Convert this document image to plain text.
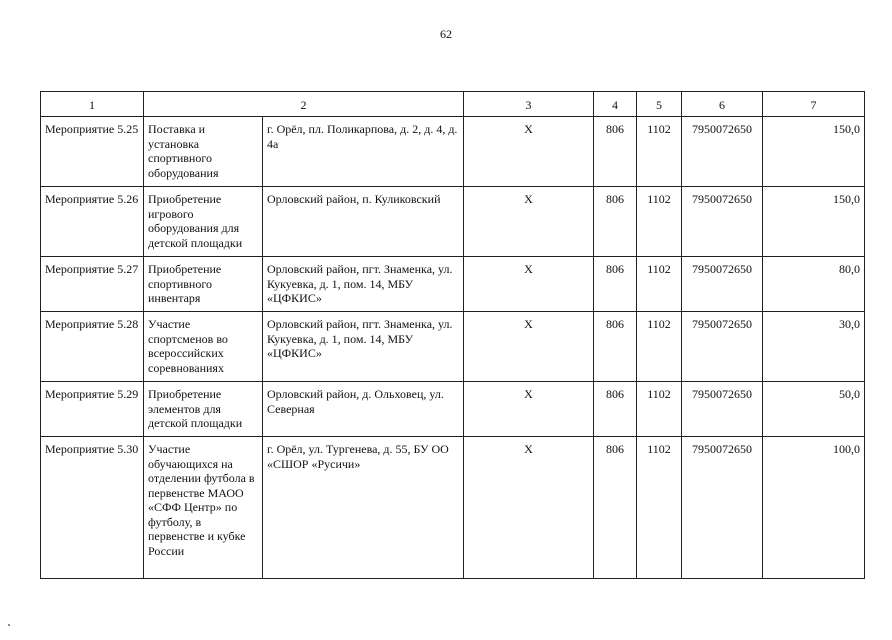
62
1	2		3	4	5	6	7
Мероприятие 5.25	Поставка и установка спортивного оборудования	г. Орёл, пл. Поликарпова, д. 2, д. 4, д. 4а	Х	806	1102	7950072650	150,0
Мероприятие 5.26	Приобретение игрового оборудования для детской площадки	Орловский район, п. Куликовский	Х	806	1102	7950072650	150,0
Мероприятие 5.27	Приобретение спортивного инвентаря	Орловский район, пгт. Знаменка, ул. Кукуевка, д. 1, пом. 14, МБУ «ЦФКИС»	Х	806	1102	7950072650	80,0
Мероприятие 5.28	Участие спортсменов во всероссийских соревнованиях	Орловский район, пгт. Знаменка, ул. Кукуевка, д. 1, пом. 14, МБУ «ЦФКИС»	Х	806	1102	7950072650	30,0
Мероприятие 5.29	Приобретение элементов для детской площадки	Орловский район, д. Ольховец, ул. Северная	Х	806	1102	7950072650	50,0
Мероприятие 5.30	Участие обучающихся на отделении футбола в первенстве МАОО «СФФ Центр» по футболу, в первенстве и кубке России	г. Орёл, ул. Тургенева, д. 55, БУ ОО «СШОР «Русичи»	Х	806	1102	7950072650	100,0
